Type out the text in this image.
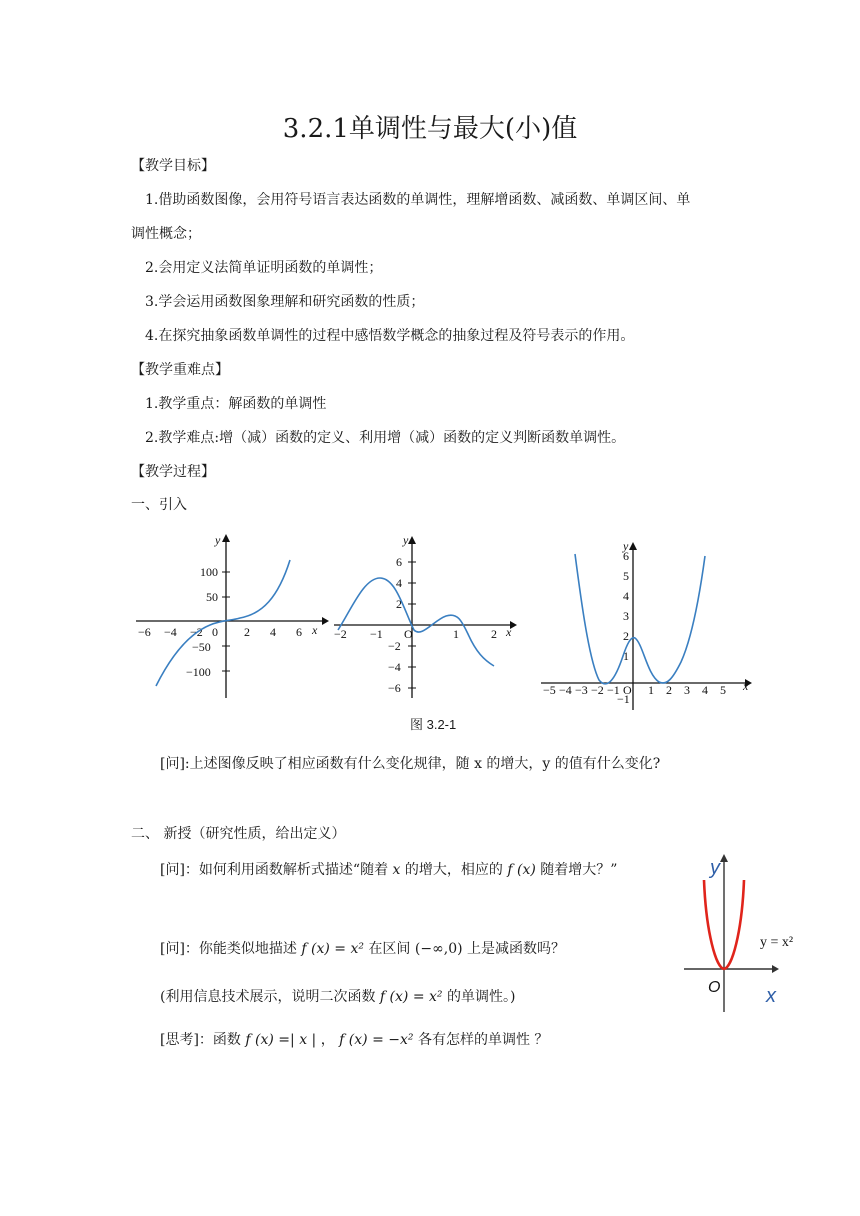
3.2.1单调性与最大(小)值
【教学目标】
1.借助函数图像，会用符号语言表达函数的单调性，理解增函数、减函数、单调区间、单
调性概念；
2.会用定义法简单证明函数的单调性；
3.学会运用函数图象理解和研究函数的性质；
4.在探究抽象函数单调性的过程中感悟数学概念的抽象过程及符号表示的作用。
【教学重难点】
1.教学重点：解函数的单调性
2.教学难点:增（减）函数的定义、利用增（减）函数的定义判断函数单调性。
【教学过程】
一、引入
y
x
100
50
−50
−100
−6 −4 −2 0 2 4 6
y
x
6
4
2
−2
−4
−6
−2 −1 O	1	2
y
x
6
5
4
3
2
1
−1
−5 −4 −3 −2 −1 O 1 2 3 4 5
图 3.2-1
[问]:上述图像反映了相应函数有什么变化规律，随 x 的增大，y 的值有什么变化?
二、 新授（研究性质，给出定义）
[问]：如何利用函数解析式描述“随着 x 的增大，相应的 f (x) 随着增大？”
[问]：你能类似地描述 f (x) = x² 在区间 (−∞,0) 上是减函数吗？
(利用信息技术展示，说明二次函数 f (x) = x² 的单调性。)
[思考]：函数 f (x) =| x | ， f (x) = −x² 各有怎样的单调性 ？
y
x
O
y = x²
